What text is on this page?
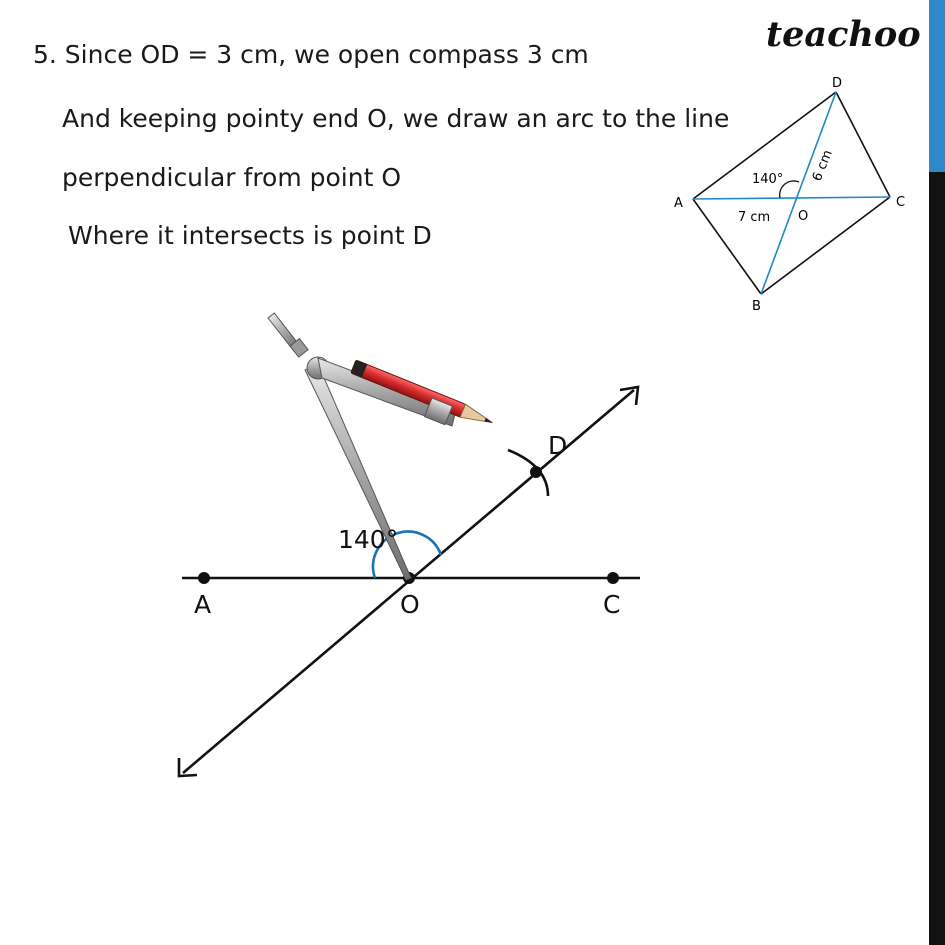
5. Since OD = 3 cm, we open compass 3 cm
And keeping pointy end O, we draw an arc to the line
perpendicular from point O
Where it intersects is point D
teachoo
D
A	C
B
O
140°
7 cm
6 cm
A	O	C
D
140°
